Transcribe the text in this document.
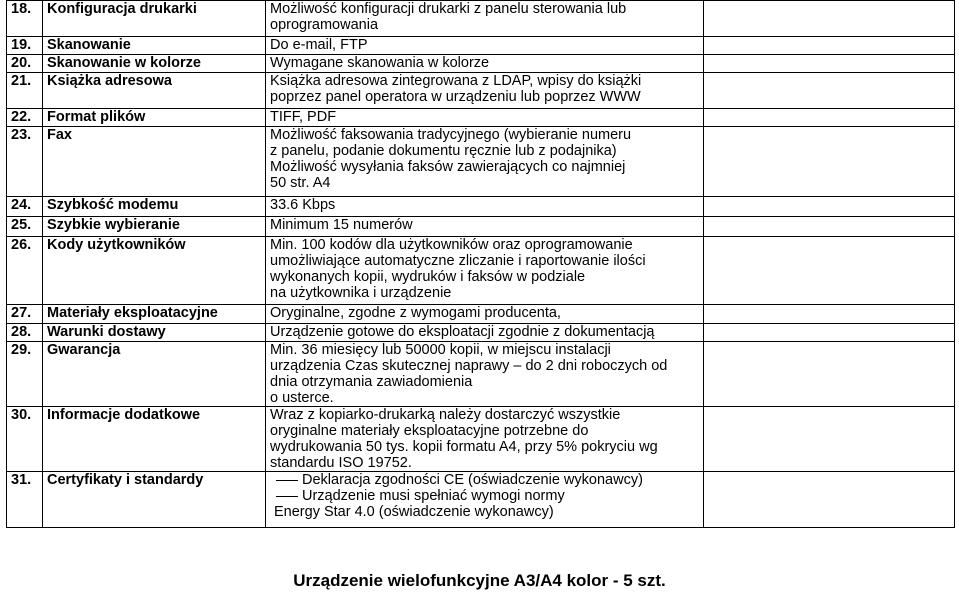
18.	Konfiguracja drukarki	Możliwość konfiguracji drukarki z panelu sterowania lub
oprogramowania	

19.	Skanowanie	Do e-mail, FTP	

20.	Skanowanie w kolorze	Wymagane skanowania w kolorze	

21.	Książka adresowa	Książka adresowa zintegrowana z LDAP, wpisy do książki
poprzez panel operatora w urządzeniu lub poprzez WWW	

22.	Format plików	TIFF, PDF	

23.	Fax	Możliwość faksowania tradycyjnego (wybieranie numeru
z panelu, podanie dokumentu ręcznie lub z podajnika)
Możliwość wysyłania faksów zawierających co najmniej
50 str. A4	

24.	Szybkość modemu	33.6 Kbps	

25.	Szybkie wybieranie	Minimum 15 numerów	

26.	Kody użytkowników	Min. 100 kodów dla użytkowników oraz oprogramowanie
umożliwiające automatyczne zliczanie i raportowanie ilości
wykonanych kopii, wydruków i faksów w podziale
na użytkownika i urządzenie	

27.	Materiały eksploatacyjne	Oryginalne, zgodne z wymogami producenta,	

28.	Warunki dostawy	Urządzenie gotowe do eksploatacji zgodnie z dokumentacją	

29.	Gwarancja	Min. 36 miesięcy lub 50000 kopii, w miejscu instalacji
urządzenia Czas skutecznej naprawy – do 2 dni roboczych od
dnia otrzymania zawiadomienia
o usterce.	

30.	Informacje dodatkowe	Wraz z kopiarko-drukarką należy dostarczyć wszystkie
oryginalne materiały eksploatacyjne potrzebne do
wydrukowania 50 tys. kopii formatu A4, przy 5% pokryciu wg
standardu ISO 19752.	

31.	Certyfikaty i standardy	Deklaracja zgodności CE (oświadczenie wykonawcy)
Urządzenie musi spełniać wymogi normy
Energy Star 4.0 (oświadczenie wykonawcy)	

Urządzenie wielofunkcyjne A3/A4 kolor - 5 szt.
